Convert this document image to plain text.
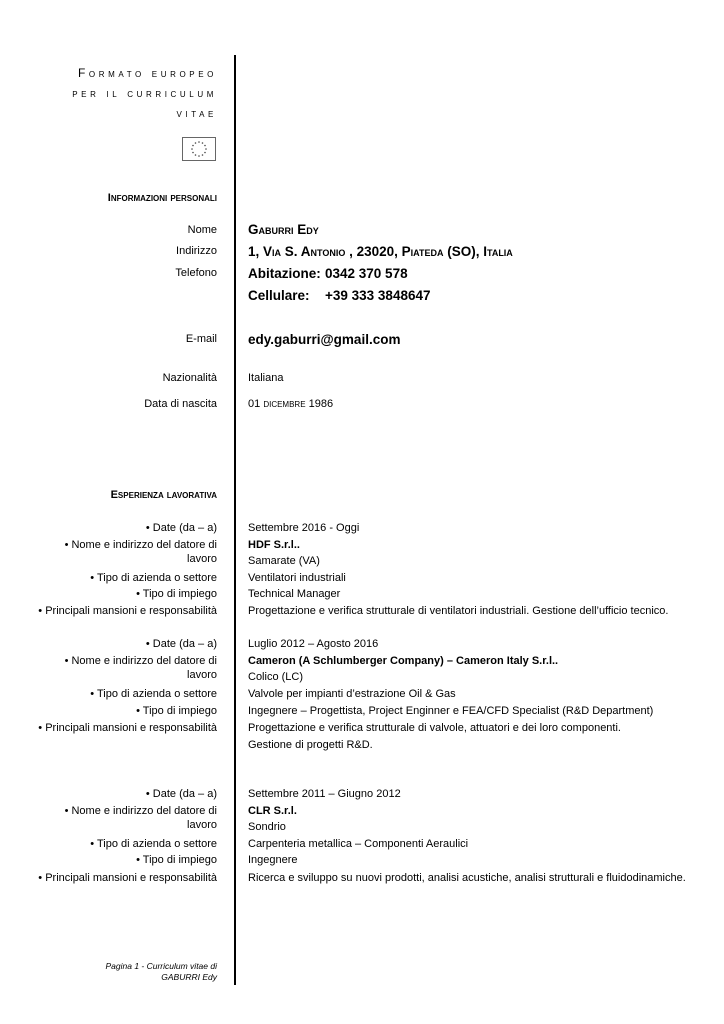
Formato europeo
per il curriculum
vitae
Informazioni personali
Nome Gaburri Edy
Indirizzo 1, Via S. Antonio , 23020, Piateda (SO), Italia
Telefono Abitazione: 0342 370 578
Cellulare: +39 333 3848647
E-mail edy.gaburri@gmail.com
Nazionalità	Italiana
Data di nascita	01 dicembre 1986
Esperienza lavorativa
• Date (da – a)	Settembre 2016 - Oggi
• Nome e indirizzo del datore di	HDF S.r.l..
lavoro	Samarate (VA)
• Tipo di azienda o settore	Ventilatori industriali
• Tipo di impiego	Technical Manager
• Principali mansioni e responsabilità	Progettazione e verifica strutturale di ventilatori industriali. Gestione dell’ufficio tecnico.
• Date (da – a)	Luglio 2012 – Agosto 2016
• Nome e indirizzo del datore di	Cameron (A Schlumberger Company) – Cameron Italy S.r.l..
lavoro	Colico (LC)
• Tipo di azienda o settore	Valvole per impianti d’estrazione Oil & Gas
• Tipo di impiego	Ingegnere – Progettista, Project Enginner e FEA/CFD Specialist (R&D Department)
• Principali mansioni e responsabilità	Progettazione e verifica strutturale di valvole, attuatori e dei loro componenti.
Gestione di progetti R&D.
• Date (da – a)	Settembre 2011 – Giugno 2012
• Nome e indirizzo del datore di	CLR S.r.l.
lavoro	Sondrio
• Tipo di azienda o settore	Carpenteria metallica – Componenti Aeraulici
• Tipo di impiego	Ingegnere
• Principali mansioni e responsabilità	Ricerca e sviluppo su nuovi prodotti, analisi acustiche, analisi strutturali e fluidodinamiche.
Pagina 1 - Curriculum vitae di
GABURRI Edy
